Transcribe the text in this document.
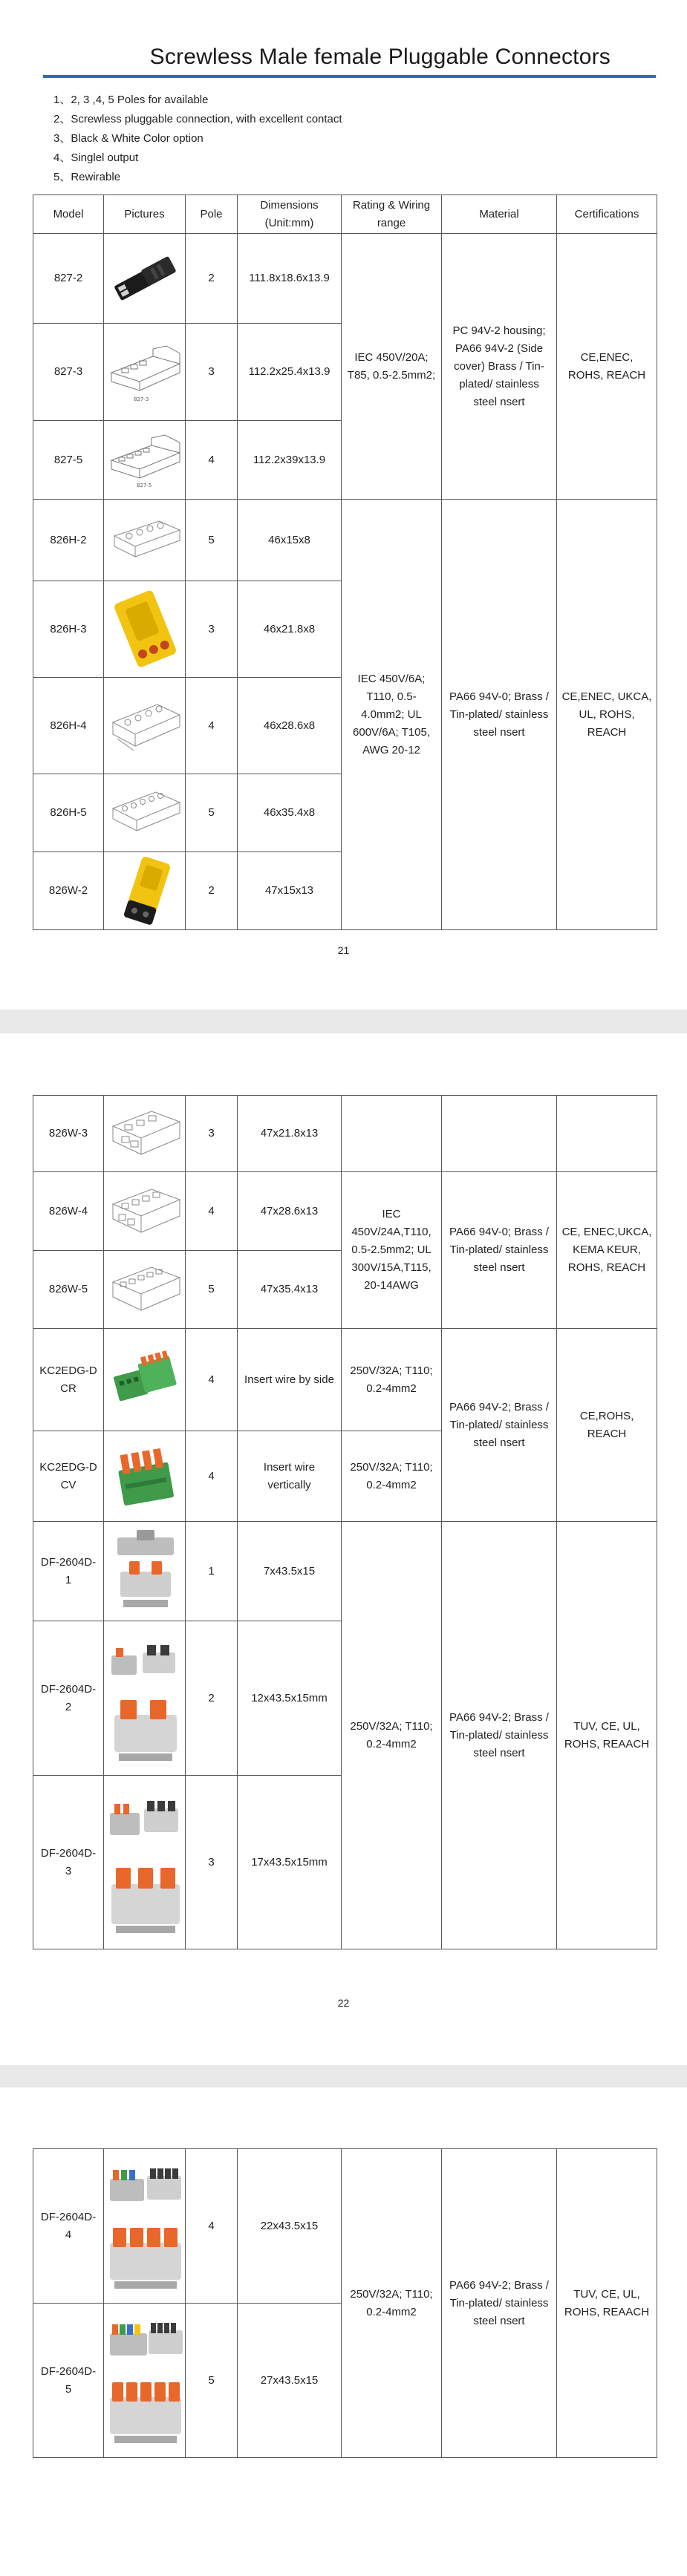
Screwless Male female Pluggable Connectors
1、2, 3 ,4, 5 Poles for available
2、Screwless pluggable connection, with excellent contact
3、Black & White Color option
4、Singlel output
5、Rewirable
Model	Pictures	Pole	Dimensions (Unit:mm)	Rating & Wiring range	Material	Certifications
827-2		2	111.8x18.6x13.9	IEC 450V/20A; T85, 0.5-2.5mm2;	PC 94V-2 housing; PA66 94V-2 (Side cover) Brass / Tin-plated/ stainless steel nsert	CE,ENEC, ROHS, REACH
827-3	827-3	3	112.2x25.4x13.9			
827-5	827-5	4	112.2x39x13.9			
826H-2		5	46x15x8	IEC 450V/6A; T110, 0.5-4.0mm2; UL 600V/6A; T105, AWG 20-12	PA66 94V-0; Brass / Tin-plated/ stainless steel nsert	CE,ENEC, UKCA, UL, ROHS, REACH
826H-3		3	46x21.8x8			
826H-4		4	46x28.6x8			
826H-5		5	46x35.4x8			
826W-2		2	47x15x13			
21
826W-3		3	47x21.8x13			
826W-4		4	47x28.6x13	IEC 450V/24A,T110, 0.5-2.5mm2; UL 300V/15A,T115, 20-14AWG	PA66 94V-0; Brass / Tin-plated/ stainless steel nsert	CE, ENEC,UKCA, KEMA KEUR, ROHS, REACH
826W-5		5	47x35.4x13			
KC2EDG-D CR		4	Insert wire by side	250V/32A; T110; 0.2-4mm2	PA66 94V-2; Brass / Tin-plated/ stainless steel nsert	CE,ROHS, REACH
KC2EDG-D CV		4	Insert wire vertically	250V/32A; T110; 0.2-4mm2		
DF-2604D-1		1	7x43.5x15	250V/32A; T110; 0.2-4mm2	PA66 94V-2; Brass / Tin-plated/ stainless steel nsert	TUV, CE, UL, ROHS, REAACH
DF-2604D-2		2	12x43.5x15mm			
DF-2604D-3		3	17x43.5x15mm			
22
DF-2604D-4		4	22x43.5x15	250V/32A; T110; 0.2-4mm2	PA66 94V-2; Brass / Tin-plated/ stainless steel nsert	TUV, CE, UL, ROHS, REAACH
DF-2604D-5		5	27x43.5x15			
